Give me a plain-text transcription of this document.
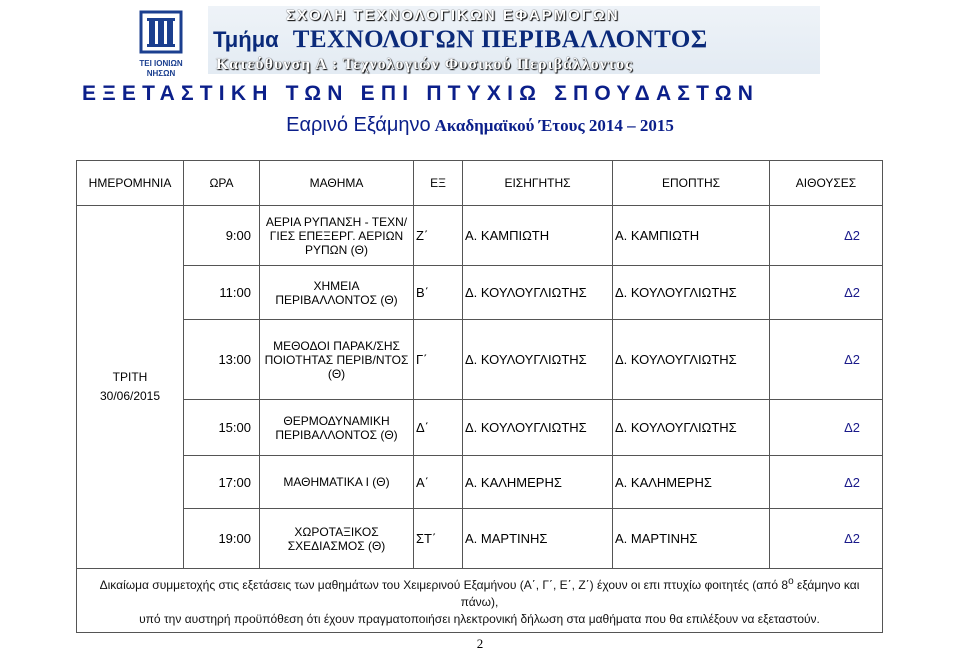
ΤΕΙ ΙΟΝΙΩΝ
ΝΗΣΩΝ
ΣΧΟΛΗ ΤΕΧΝΟΛΟΓΙΚΩΝ ΕΦΑΡΜΟΓΩΝ
Τμήμα ΤΕΧΝΟΛΟΓΩΝ ΠΕΡΙΒΑΛΛΟΝΤΟΣ
Κατεύθυνση Α : Τεχνολογιών Φυσικού Περιβάλλοντος
ΕΞΕΤΑΣΤΙΚΗ ΤΩΝ ΕΠΙ ΠΤΥΧΙΩ ΣΠΟΥΔΑΣΤΩΝ
Εαρινό Εξάμηνο Ακαδημαϊκού Έτους 2014 – 2015
ΗΜΕΡΟΜΗΝΙΑ	ΩΡΑ	ΜΑΘΗΜΑ	ΕΞ	ΕΙΣΗΓΗΤΗΣ	ΕΠΟΠΤΗΣ	ΑΙΘΟΥΣΕΣ

ΤΡΙΤΗ
30/06/2015	9:00	ΑΕΡΙΑ ΡΥΠΑΝΣΗ - ΤΕΧΝ/ΓΙΕΣ ΕΠΕΞΕΡΓ. ΑΕΡΙΩΝ ΡΥΠΩΝ (Θ)	Ζ΄	Α. ΚΑΜΠΙΩΤΗ	Α. ΚΑΜΠΙΩΤΗ	Δ2
	11:00	ΧΗΜΕΙΑ ΠΕΡΙΒΑΛΛΟΝΤΟΣ (Θ)	Β΄	Δ. ΚΟΥΛΟΥΓΛΙΩΤΗΣ	Δ. ΚΟΥΛΟΥΓΛΙΩΤΗΣ	Δ2
	13:00	ΜΕΘΟΔΟΙ ΠΑΡΑΚ/ΣΗΣ ΠΟΙΟΤΗΤΑΣ ΠΕΡΙΒ/ΝΤΟΣ (Θ)	Γ΄	Δ. ΚΟΥΛΟΥΓΛΙΩΤΗΣ	Δ. ΚΟΥΛΟΥΓΛΙΩΤΗΣ	Δ2
	15:00	ΘΕΡΜΟΔΥΝΑΜΙΚΗ ΠΕΡΙΒΑΛΛΟΝΤΟΣ (Θ)	Δ΄	Δ. ΚΟΥΛΟΥΓΛΙΩΤΗΣ	Δ. ΚΟΥΛΟΥΓΛΙΩΤΗΣ	Δ2
	17:00	ΜΑΘΗΜΑΤΙΚΑ Ι (Θ)	Α΄	Α. ΚΑΛΗΜΕΡΗΣ	Α. ΚΑΛΗΜΕΡΗΣ	Δ2
	19:00	ΧΩΡΟΤΑΞΙΚΟΣ ΣΧΕΔΙΑΣΜΟΣ (Θ)	ΣΤ΄	Α. ΜΑΡΤΙΝΗΣ	Α. ΜΑΡΤΙΝΗΣ	Δ2
Δικαίωμα συμμετοχής στις εξετάσεις των μαθημάτων του Χειμερινού Εξαμήνου (Α΄, Γ΄, Ε΄, Ζ΄) έχουν οι επι πτυχίω φοιτητές (από $8^o$ εξάμηνο και πάνω),
υπό την αυστηρή προϋπόθεση ότι έχουν πραγματοποιήσει ηλεκτρονική δήλωση στα μαθήματα που θα επιλέξουν να εξεταστούν.						
2
